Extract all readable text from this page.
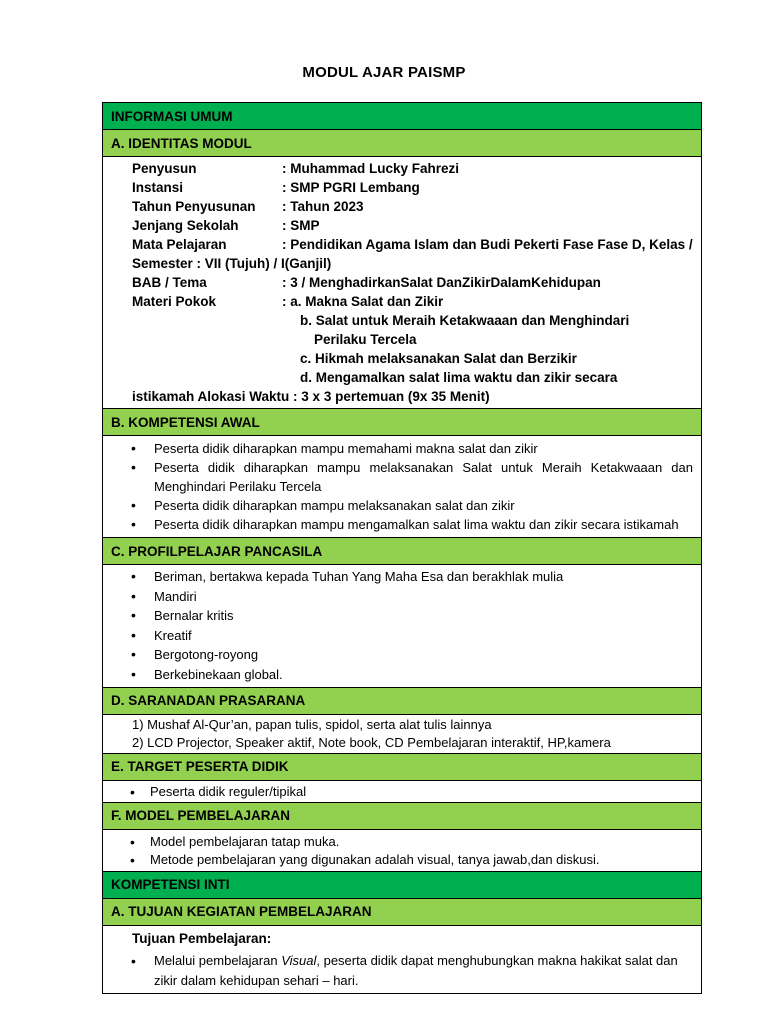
MODUL AJAR PAISMP
INFORMASI UMUM
A. IDENTITAS MODUL
Penyusun	: Muhammad Lucky Fahrezi
Instansi	: SMP PGRI Lembang
Tahun Penyusunan	: Tahun 2023
Jenjang Sekolah	: SMP
Mata Pelajaran	: Pendidikan Agama Islam dan Budi Pekerti Fase Fase D, Kelas /
Semester : VII (Tujuh) / I(Ganjil)
BAB / Tema	: 3 / MenghadirkanSalat DanZikirDalamKehidupan
Materi Pokok	: a. Makna Salat dan Zikir
b. Salat untuk Meraih Ketakwaaan dan Menghindari
Perilaku Tercela
c. Hikmah melaksanakan Salat dan Berzikir
d. Mengamalkan salat lima waktu dan zikir secara
istikamah Alokasi Waktu : 3 x 3 pertemuan (9x 35 Menit)
B. KOMPETENSI AWAL
• Peserta didik diharapkan mampu memahami makna salat dan zikir
• Peserta didik diharapkan mampu melaksanakan Salat untuk Meraih Ketakwaaan dan Menghindari Perilaku Tercela
• Peserta didik diharapkan mampu melaksanakan salat dan zikir
• Peserta didik diharapkan mampu mengamalkan salat lima waktu dan zikir secara istikamah
C. PROFILPELAJAR PANCASILA
• Beriman, bertakwa kepada Tuhan Yang Maha Esa dan berakhlak mulia
• Mandiri
• Bernalar kritis
• Kreatif
• Bergotong-royong
• Berkebinekaan global.
D. SARANADAN PRASARANA
1) Mushaf Al-Qur’an, papan tulis, spidol, serta alat tulis lainnya
2) LCD Projector, Speaker aktif, Note book, CD Pembelajaran interaktif, HP,kamera
E. TARGET PESERTA DIDIK
• Peserta didik reguler/tipikal
F. MODEL PEMBELAJARAN
• Model pembelajaran tatap muka.
• Metode pembelajaran yang digunakan adalah visual, tanya jawab,dan diskusi.
KOMPETENSI INTI
A. TUJUAN KEGIATAN PEMBELAJARAN
Tujuan Pembelajaran:
• Melalui pembelajaran Visual, peserta didik dapat menghubungkan makna hakikat salat dan zikir dalam kehidupan sehari – hari.
